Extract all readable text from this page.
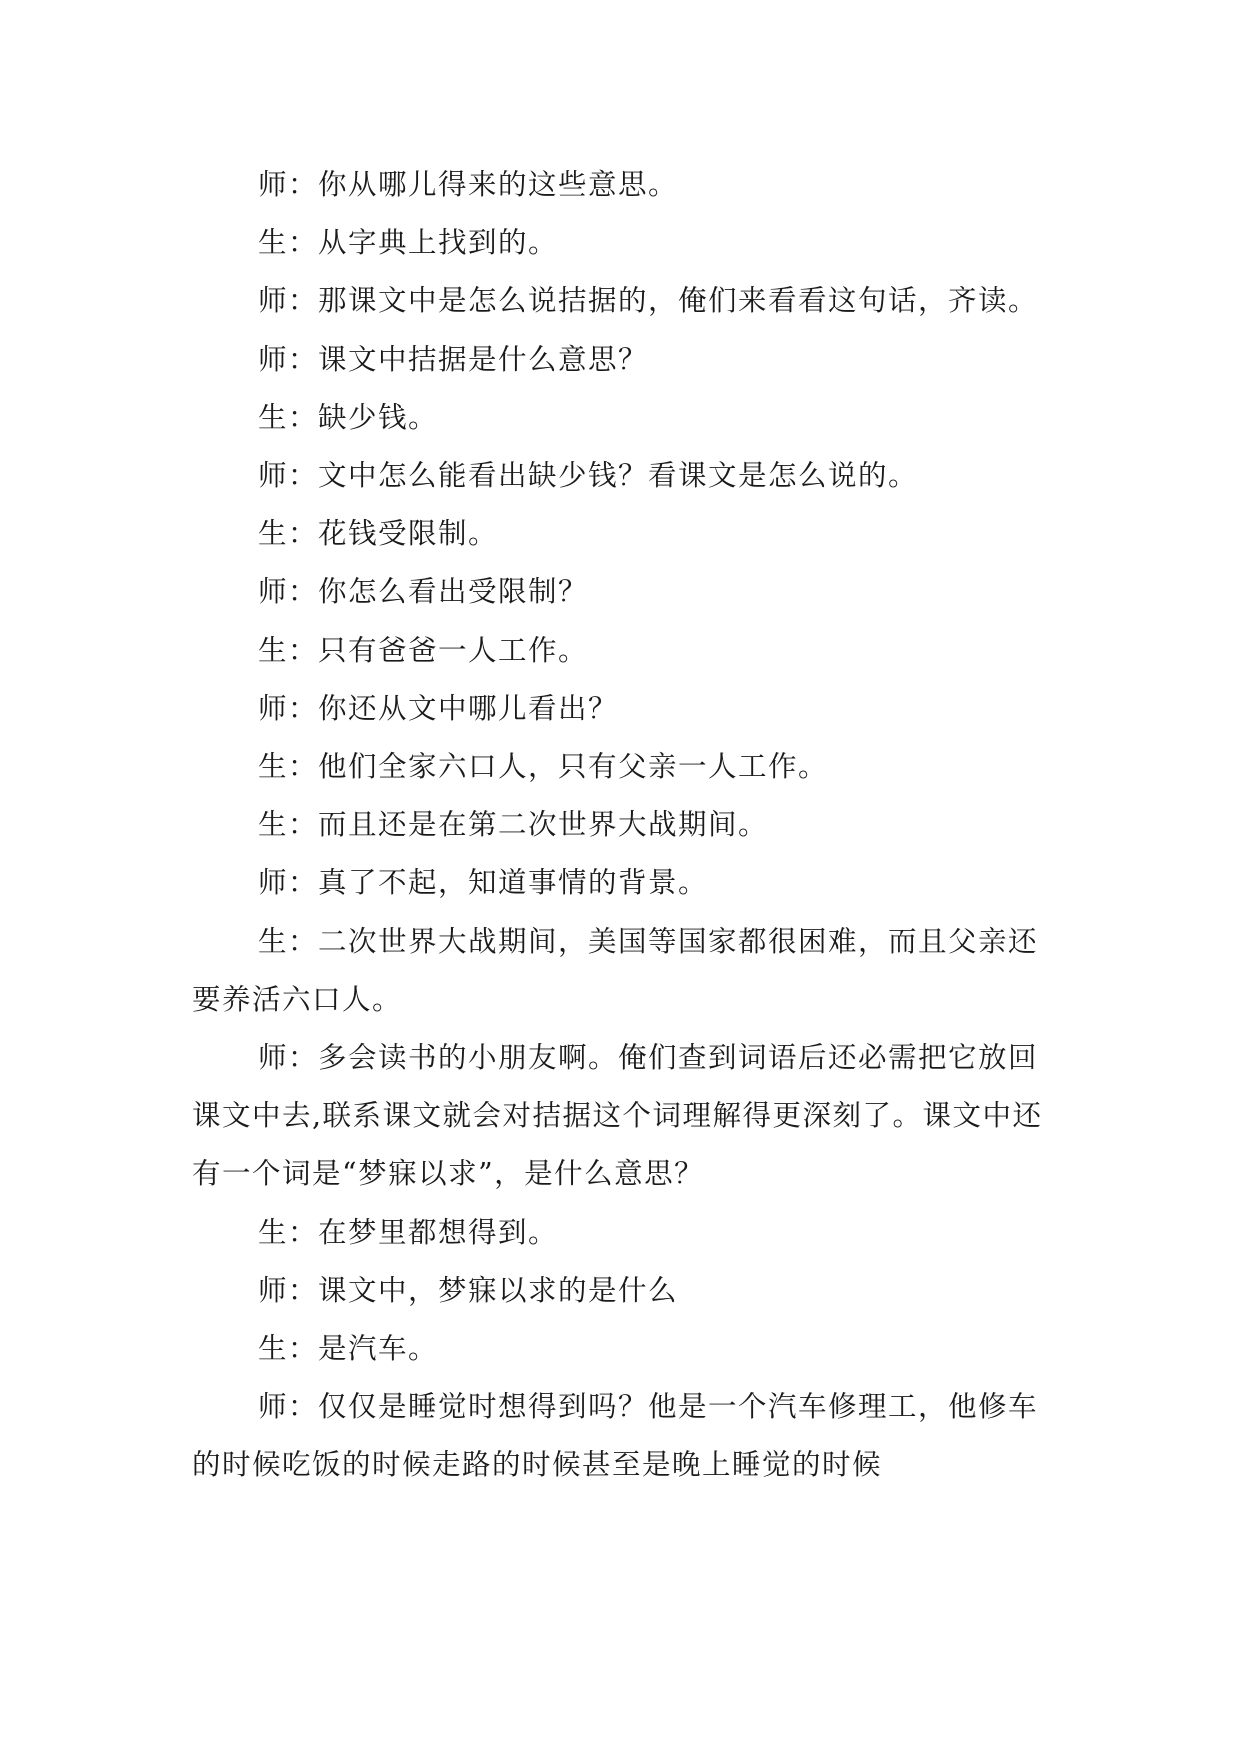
师：你从哪儿得来的这些意思。

生：从字典上找到的。

师：那课文中是怎么说拮据的，俺们来看看这句话，齐读。

师：课文中拮据是什么意思？

生：缺少钱。

师：文中怎么能看出缺少钱？看课文是怎么说的。

生：花钱受限制。

师：你怎么看出受限制？

生：只有爸爸一人工作。

师：你还从文中哪儿看出？

生：他们全家六口人，只有父亲一人工作。

生：而且还是在第二次世界大战期间。

师：真了不起，知道事情的背景。

生：二次世界大战期间，美国等国家都很困难，而且父亲还要养活六口人。

师：多会读书的小朋友啊。俺们查到词语后还必需把它放回课文中去,联系课文就会对拮据这个词理解得更深刻了。课文中还有一个词是“梦寐以求”，是什么意思？

生：在梦里都想得到。

师：课文中，梦寐以求的是什么

生：是汽车。

师：仅仅是睡觉时想得到吗？他是一个汽车修理工，他修车的时候吃饭的时候走路的时候甚至是晚上睡觉的时候
